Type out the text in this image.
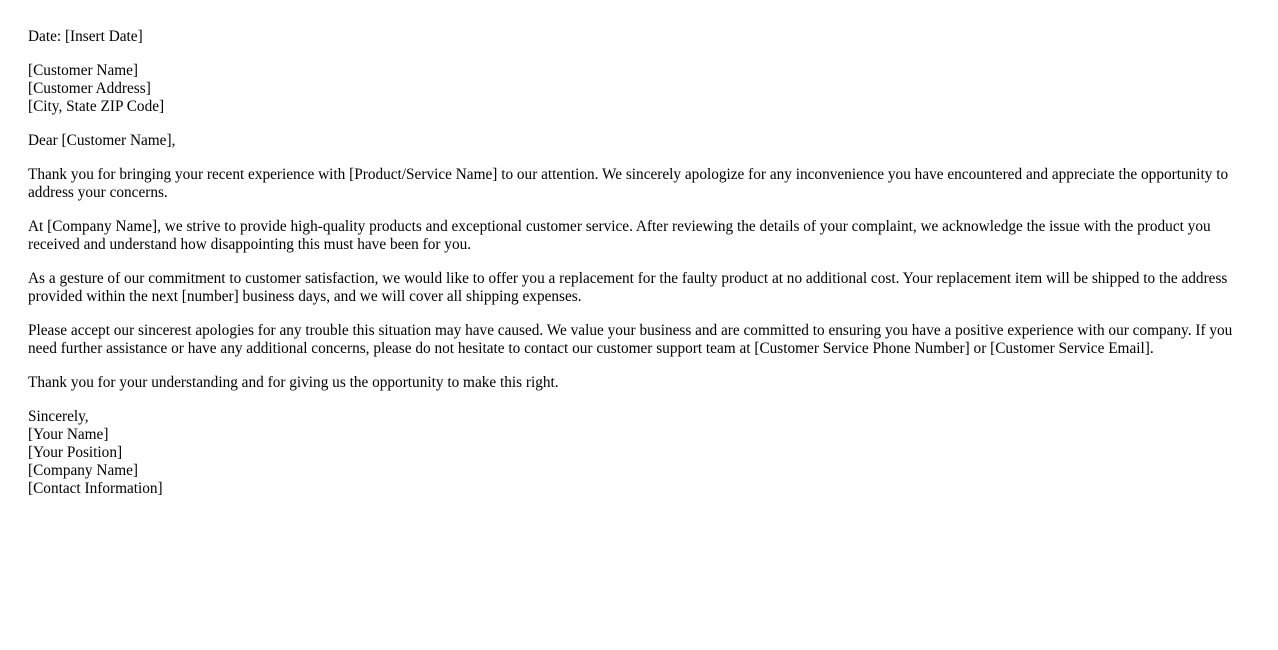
Date: [Insert Date]
[Customer Name]
[Customer Address]
[City, State ZIP Code]
Dear [Customer Name],

Thank you for bringing your recent experience with [Product/Service Name] to our attention. We sincerely apologize for any inconvenience you have encountered and appreciate the opportunity to address your concerns.

At [Company Name], we strive to provide high-quality products and exceptional customer service. After reviewing the details of your complaint, we acknowledge the issue with the product you received and understand how disappointing this must have been for you.

As a gesture of our commitment to customer satisfaction, we would like to offer you a replacement for the faulty product at no additional cost. Your replacement item will be shipped to the address provided within the next [number] business days, and we will cover all shipping expenses.

Please accept our sincerest apologies for any trouble this situation may have caused. We value your business and are committed to ensuring you have a positive experience with our company. If you need further assistance or have any additional concerns, please do not hesitate to contact our customer support team at [Customer Service Phone Number] or [Customer Service Email].

Thank you for your understanding and for giving us the opportunity to make this right.

Sincerely,
[Your Name]
[Your Position]
[Company Name]
[Contact Information]
